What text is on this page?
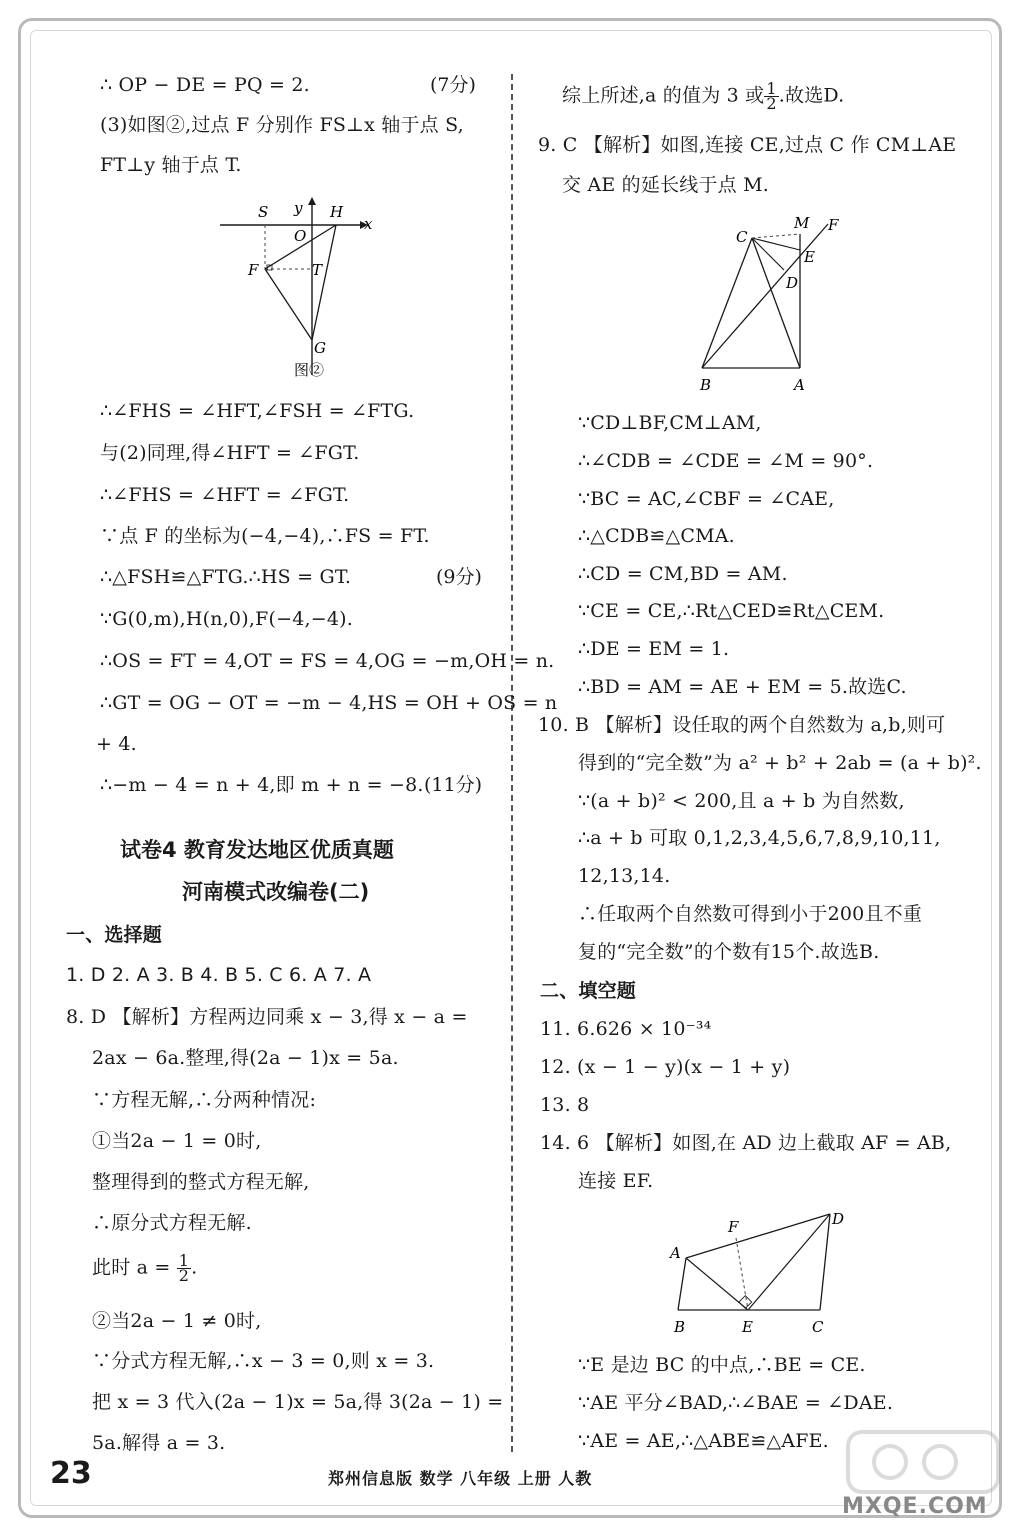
∴ OP − DE = PQ = 2.	(7分)
(3)如图②,过点 F 分别作 FS⊥x 轴于点 S,
FT⊥y 轴于点 T.
S y H
x
O
F	T
G
图②
∴∠FHS = ∠HFT,∠FSH = ∠FTG.
与(2)同理,得∠HFT = ∠FGT.
∴∠FHS = ∠HFT = ∠FGT.
∵点 F 的坐标为(−4,−4),∴FS = FT.
∴△FSH≌△FTG.∴HS = GT.	(9分)
∵G(0,m),H(n,0),F(−4,−4).
∴OS = FT = 4,OT = FS = 4,OG = −m,OH = n.
∴GT = OG − OT = −m − 4,HS = OH + OS = n
+ 4.
∴−m − 4 = n + 4,即 m + n = −8. (11分)
试卷4 教育发达地区优质真题
河南模式改编卷(二)
一、选择题
1. D 2. A 3. B 4. B 5. C 6. A 7. A
8. D 【解析】方程两边同乘 x − 3,得 x − a =
2ax − 6a.整理,得(2a − 1)x = 5a.
∵方程无解,∴分两种情况:
①当2a − 1 = 0时,
整理得到的整式方程无解,
∴原分式方程无解.
此时 $a = \frac{1}{2}$ .
②当2a − 1 ≠ 0时,
∵分式方程无解,∴x − 3 = 0,则 x = 3.
把 x = 3 代入(2a − 1)x = 5a,得 3(2a − 1) =
5a.解得 a = 3.
综上所述,a 的值为 3 或 $\frac{1}{2}$ .故选D.
9. C 【解析】如图,连接 CE,过点 C 作 CM⊥AE
交 AE 的延长线于点 M.
C
M F
E
D
B	A
∵CD⊥BF,CM⊥AM,
∴∠CDB = ∠CDE = ∠M = 90°.
∵BC = AC,∠CBF = ∠CAE,
∴△CDB≌△CMA.
∴CD = CM,BD = AM.
∵CE = CE,∴Rt△CED≌Rt△CEM.
∴DE = EM = 1.
∴BD = AM = AE + EM = 5.故选C.
10. B 【解析】设任取的两个自然数为 a,b,则可
得到的“完全数”为 a² + b² + 2ab = (a + b)².
∵(a + b)² < 200,且 a + b 为自然数,
∴a + b 可取 0,1,2,3,4,5,6,7,8,9,10,11,
12,13,14.
∴任取两个自然数可得到小于200且不重
复的“完全数”的个数有15个.故选B.
二、填空题
11. 6.626 × 10⁻³⁴
12. (x − 1 − y)(x − 1 + y)
13. 8
14. 6 【解析】如图,在 AD 边上截取 AF = AB,
连接 EF.
A
F	D
B	E	C
∵E 是边 BC 的中点,∴BE = CE.
∵AE 平分∠BAD,∴∠BAE = ∠DAE.
∵AE = AE,∴△ABE≌△AFE.
23	郑州信息版 数学 八年级 上册 人教
MXQE.COM
